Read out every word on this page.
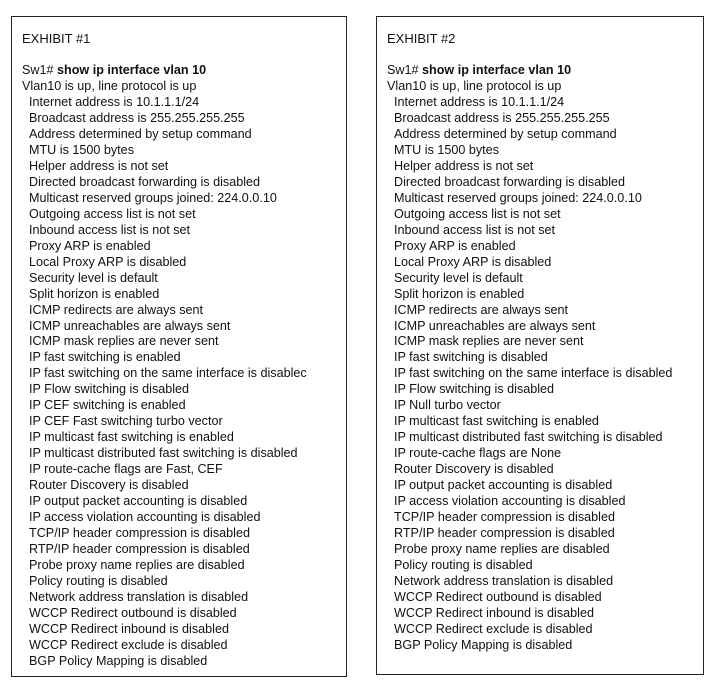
EXHIBIT #1
Sw1# show ip interface vlan 10
Vlan10 is up, line protocol is up
Internet address is 10.1.1.1/24
Broadcast address is 255.255.255.255
Address determined by setup command
MTU is 1500 bytes
Helper address is not set
Directed broadcast forwarding is disabled
Multicast reserved groups joined: 224.0.0.10
Outgoing access list is not set
Inbound access list is not set
Proxy ARP is enabled
Local Proxy ARP is disabled
Security level is default
Split horizon is enabled
ICMP redirects are always sent
ICMP unreachables are always sent
ICMP mask replies are never sent
IP fast switching is enabled
IP fast switching on the same interface is disablec
IP Flow switching is disabled
IP CEF switching is enabled
IP CEF Fast switching turbo vector
IP multicast fast switching is enabled
IP multicast distributed fast switching is disabled
IP route-cache flags are Fast, CEF
Router Discovery is disabled
IP output packet accounting is disabled
IP access violation accounting is disabled
TCP/IP header compression is disabled
RTP/IP header compression is disabled
Probe proxy name replies are disabled
Policy routing is disabled
Network address translation is disabled
WCCP Redirect outbound is disabled
WCCP Redirect inbound is disabled
WCCP Redirect exclude is disabled
BGP Policy Mapping is disabled
EXHIBIT #2
Sw1# show ip interface vlan 10
Vlan10 is up, line protocol is up
Internet address is 10.1.1.1/24
Broadcast address is 255.255.255.255
Address determined by setup command
MTU is 1500 bytes
Helper address is not set
Directed broadcast forwarding is disabled
Multicast reserved groups joined: 224.0.0.10
Outgoing access list is not set
Inbound access list is not set
Proxy ARP is enabled
Local Proxy ARP is disabled
Security level is default
Split horizon is enabled
ICMP redirects are always sent
ICMP unreachables are always sent
ICMP mask replies are never sent
IP fast switching is disabled
IP fast switching on the same interface is disabled
IP Flow switching is disabled
IP Null turbo vector
IP multicast fast switching is enabled
IP multicast distributed fast switching is disabled
IP route-cache flags are None
Router Discovery is disabled
IP output packet accounting is disabled
IP access violation accounting is disabled
TCP/IP header compression is disabled
RTP/IP header compression is disabled
Probe proxy name replies are disabled
Policy routing is disabled
Network address translation is disabled
WCCP Redirect outbound is disabled
WCCP Redirect inbound is disabled
WCCP Redirect exclude is disabled
BGP Policy Mapping is disabled
